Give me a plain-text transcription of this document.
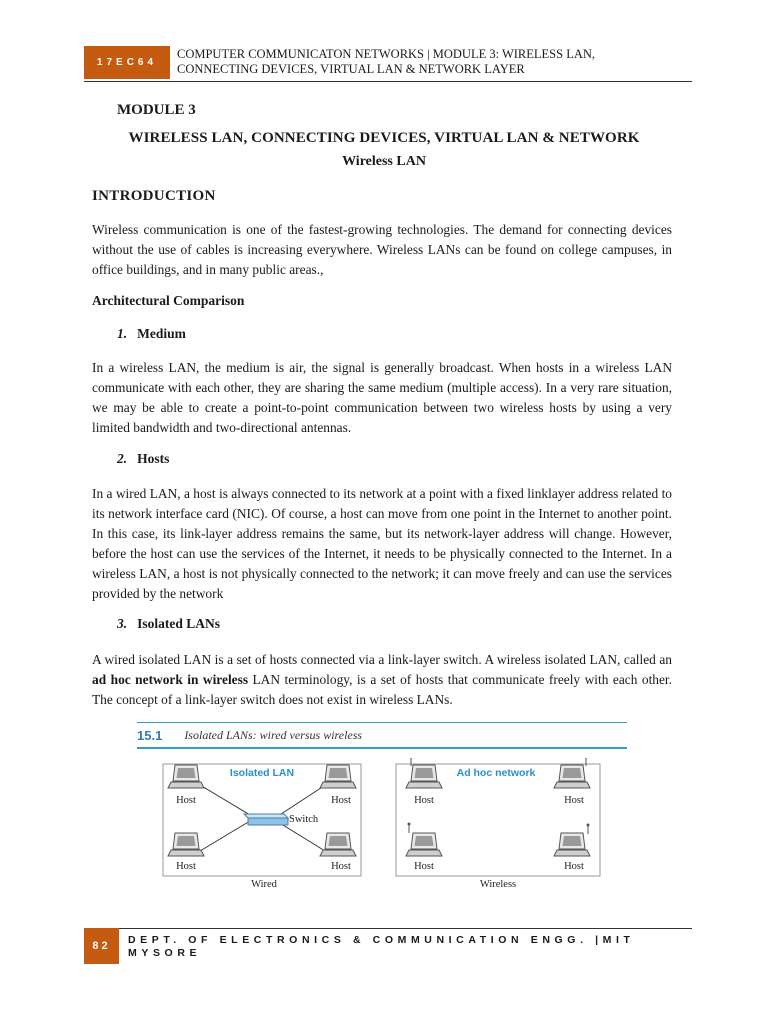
17EC64
COMPUTER COMMUNICATON NETWORKS | MODULE 3: WIRELESS LAN, CONNECTING DEVICES, VIRTUAL LAN & NETWORK LAYER
MODULE 3
WIRELESS LAN, CONNECTING DEVICES, VIRTUAL LAN & NETWORK
Wireless LAN
INTRODUCTION
Wireless communication is one of the fastest-growing technologies. The demand for connecting devices without the use of cables is increasing everywhere. Wireless LANs can be found on college campuses, in office buildings, and in many public areas.,
Architectural Comparison
1. Medium
In a wireless LAN, the medium is air, the signal is generally broadcast. When hosts in a wireless LAN communicate with each other, they are sharing the same medium (multiple access). In a very rare situation, we may be able to create a point-to-point communication between two wireless hosts by using a very limited bandwidth and two-directional antennas.
2. Hosts
In a wired LAN, a host is always connected to its network at a point with a fixed linklayer address related to its network interface card (NIC). Of course, a host can move from one point in the Internet to another point. In this case, its link-layer address remains the same, but its network-layer address will change. However, before the host can use the services of the Internet, it needs to be physically connected to the Internet. In a wireless LAN, a host is not physically connected to the network; it can move freely and can use the services provided by the network
3. Isolated LANs
A wired isolated LAN is a set of hosts connected via a link-layer switch. A wireless isolated LAN, called an ad hoc network in wireless LAN terminology, is a set of hosts that communicate freely with each other. The concept of a link-layer switch does not exist in wireless LANs.
15.1 Isolated LANs: wired versus wireless
Isolated LAN
Switch
Host	Host
Host	Host
Wired
Ad hoc network
Host	Host
Host	Host
Wireless
82 DEPT. OF ELECTRONICS & COMMUNICATION ENGG. |MIT MYSORE
